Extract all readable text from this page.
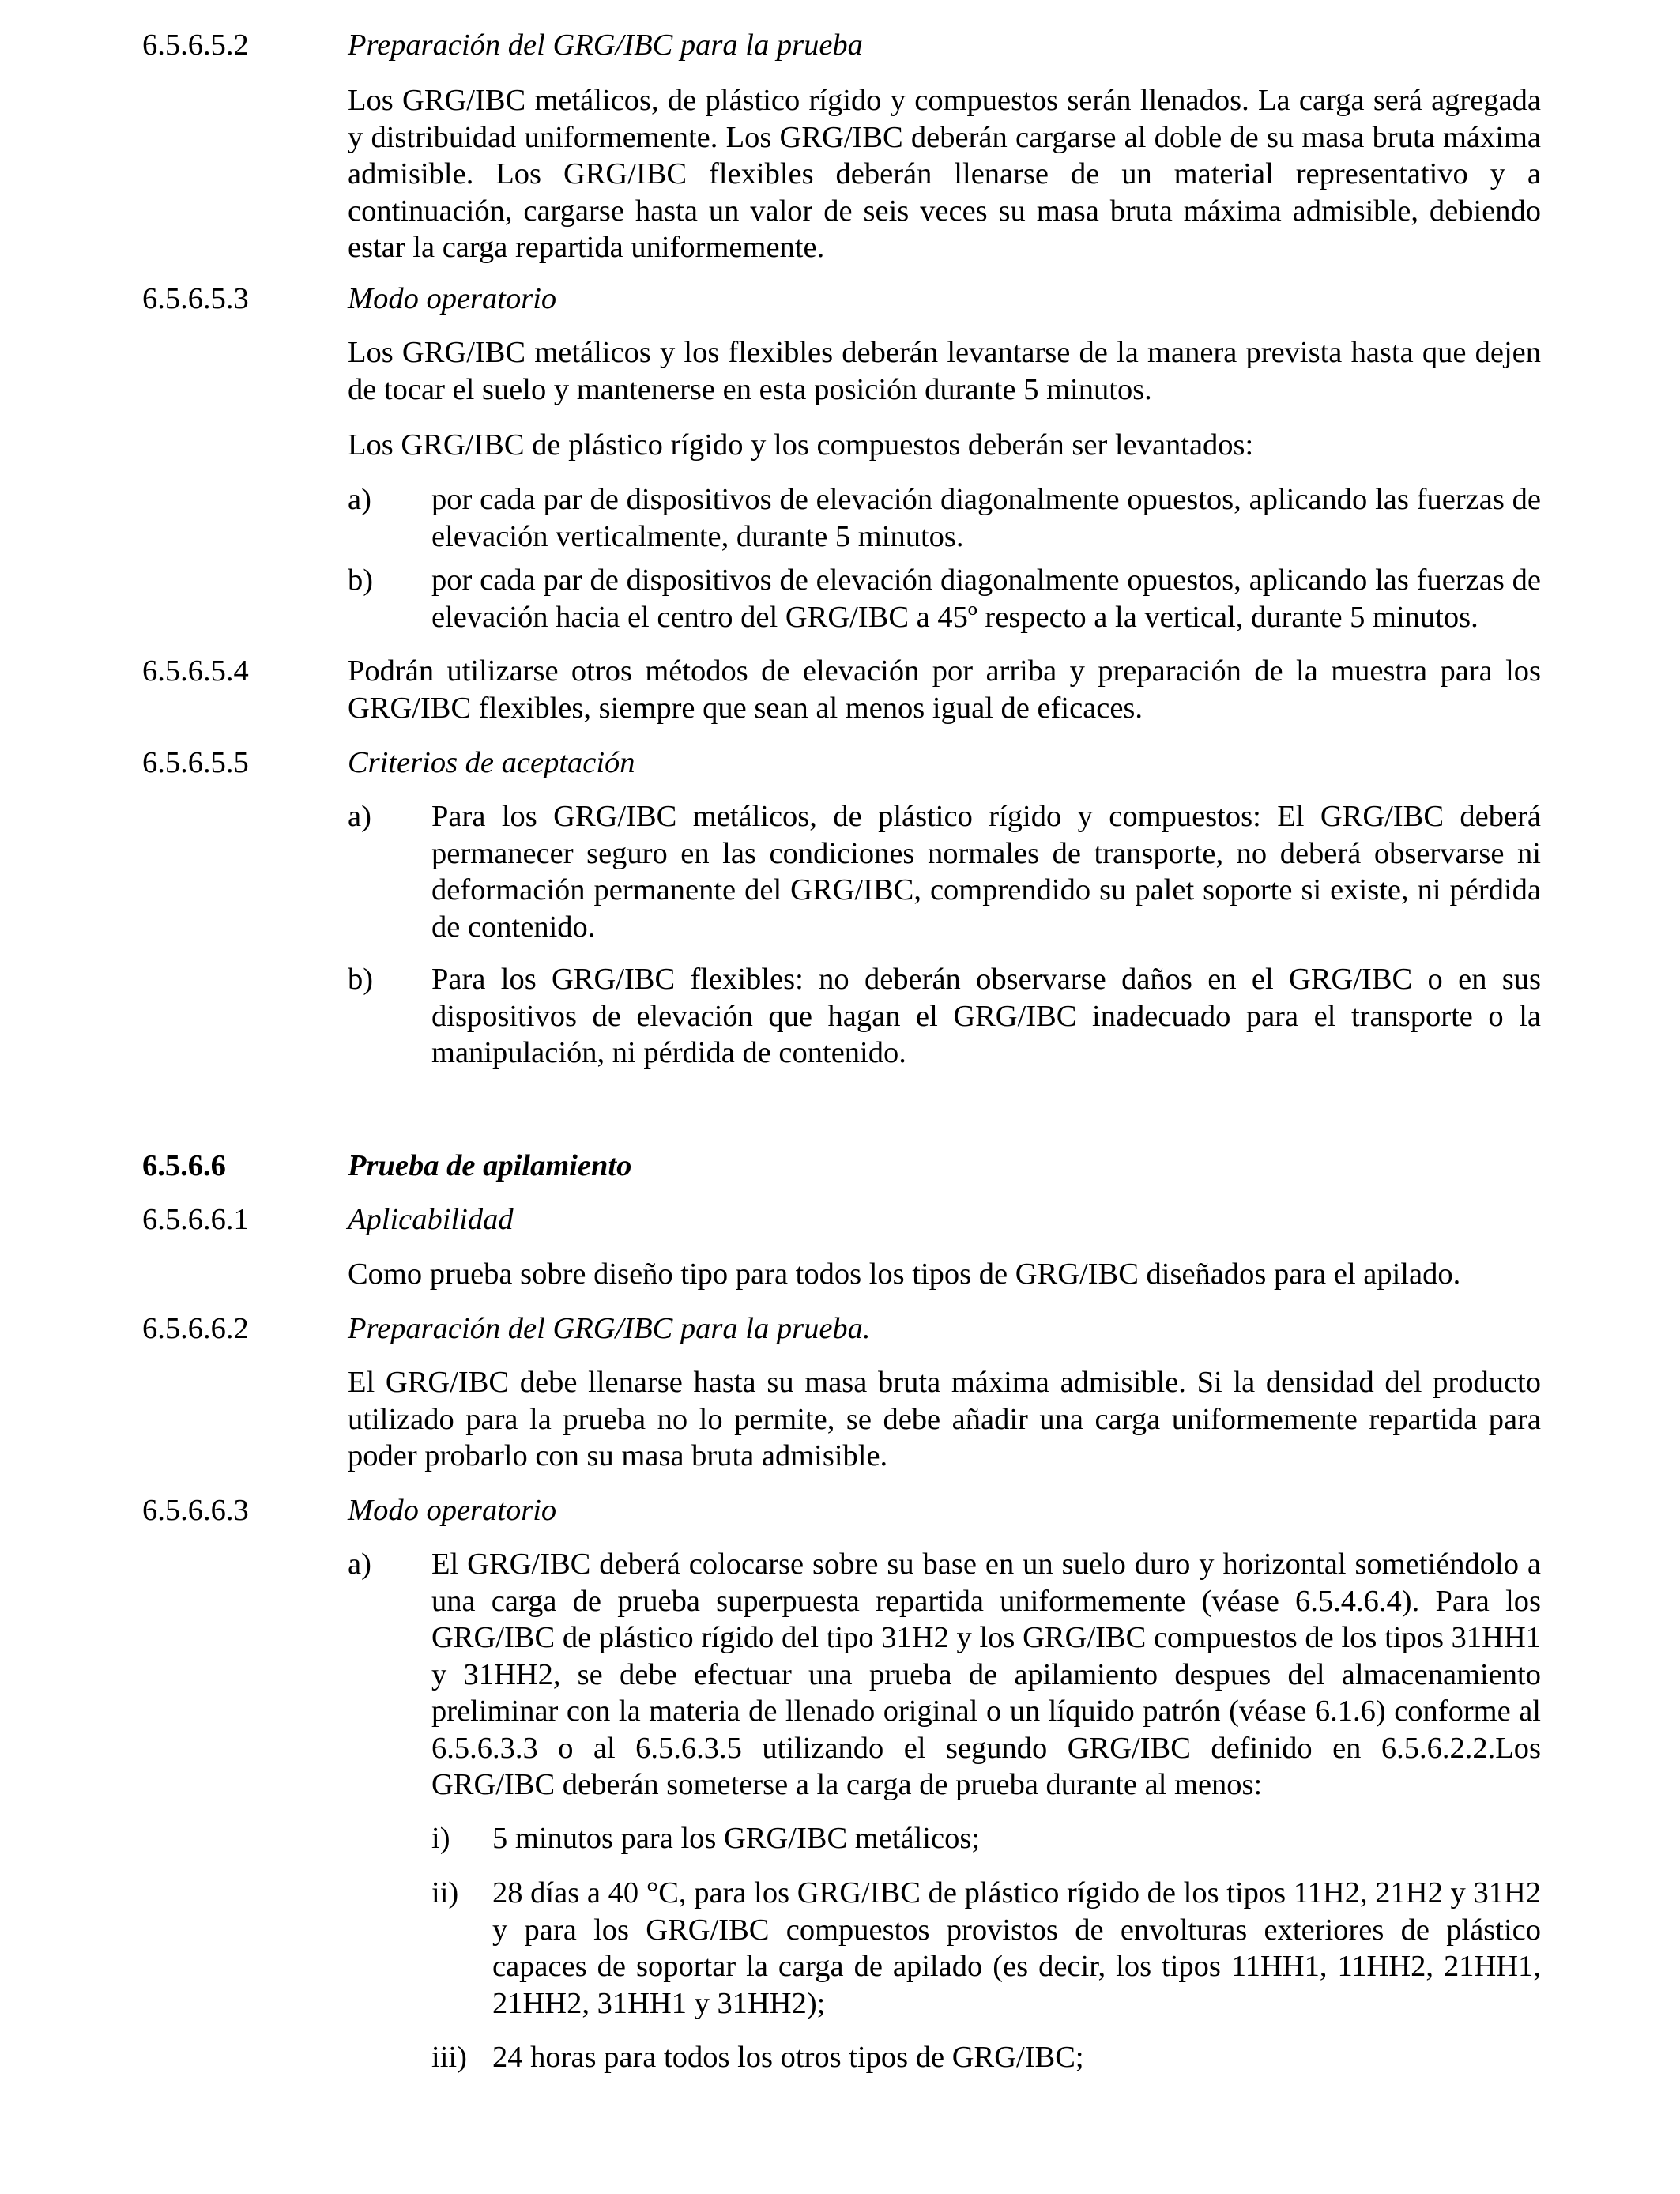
6.5.6.5.2	Preparación del GRG/IBC para la prueba

Los GRG/IBC metálicos, de plástico rígido y compuestos serán llenados. La carga será agregada y distribuidad uniformemente. Los GRG/IBC deberán cargarse al doble de su masa bruta máxima admisible. Los GRG/IBC flexibles deberán llenarse de un material representativo y a continuación, cargarse hasta un valor de seis veces su masa bruta máxima admisible, debiendo estar la carga repartida uniformemente.

6.5.6.5.3	Modo operatorio

Los GRG/IBC metálicos y los flexibles deberán levantarse de la manera prevista hasta que dejen de tocar el suelo y mantenerse en esta posición durante 5 minutos.

Los GRG/IBC de plástico rígido y los compuestos deberán ser levantados:

a) por cada par de dispositivos de elevación diagonalmente opuestos, aplicando las fuerzas de elevación verticalmente, durante 5 minutos.

b) por cada par de dispositivos de elevación diagonalmente opuestos, aplicando las fuerzas de elevación hacia el centro del GRG/IBC a 45º respecto a la vertical, durante 5 minutos.

6.5.6.5.4	Podrán utilizarse otros métodos de elevación por arriba y preparación de la muestra para los GRG/IBC flexibles, siempre que sean al menos igual de eficaces.

6.5.6.5.5	Criterios de aceptación
a) Para los GRG/IBC metálicos, de plástico rígido y compuestos: El GRG/IBC deberá permanecer seguro en las condiciones normales de transporte, no deberá observarse ni deformación permanente del GRG/IBC, comprendido su palet soporte si existe, ni pérdida de contenido.

b) Para los GRG/IBC flexibles: no deberán observarse daños en el GRG/IBC o en sus dispositivos de elevación que hagan el GRG/IBC inadecuado para el transporte o la manipulación, ni pérdida de contenido.

6.5.6.6	Prueba de apilamiento
6.5.6.6.1	Aplicabilidad

Como prueba sobre diseño tipo para todos los tipos de GRG/IBC diseñados para el apilado.

6.5.6.6.2	Preparación del GRG/IBC para la prueba.

El GRG/IBC debe llenarse hasta su masa bruta máxima admisible. Si la densidad del producto utilizado para la prueba no lo permite, se debe añadir una carga uniformemente repartida para poder probarlo con su masa bruta admisible.

6.5.6.6.3	Modo operatorio
a) El GRG/IBC deberá colocarse sobre su base en un suelo duro y horizontal sometiéndolo a una carga de prueba superpuesta repartida uniformemente (véase 6.5.4.6.4). Para los GRG/IBC de plástico rígido del tipo 31H2 y los GRG/IBC compuestos de los tipos 31HH1 y 31HH2, se debe efectuar una prueba de apilamiento despues del almacenamiento preliminar con la materia de llenado original o un líquido patrón (véase 6.1.6) conforme al 6.5.6.3.3 o al 6.5.6.3.5 utilizando el segundo GRG/IBC definido en 6.5.6.2.2.Los GRG/IBC deberán someterse a la carga de prueba durante al menos:

i) 5 minutos para los GRG/IBC metálicos;

ii) 28 días a 40 °C, para los GRG/IBC de plástico rígido de los tipos 11H2, 21H2 y 31H2 y para los GRG/IBC compuestos provistos de envolturas exteriores de plástico capaces de soportar la carga de apilado (es decir, los tipos 11HH1, 11HH2, 21HH1, 21HH2, 31HH1 y 31HH2);

iii) 24 horas para todos los otros tipos de GRG/IBC;
